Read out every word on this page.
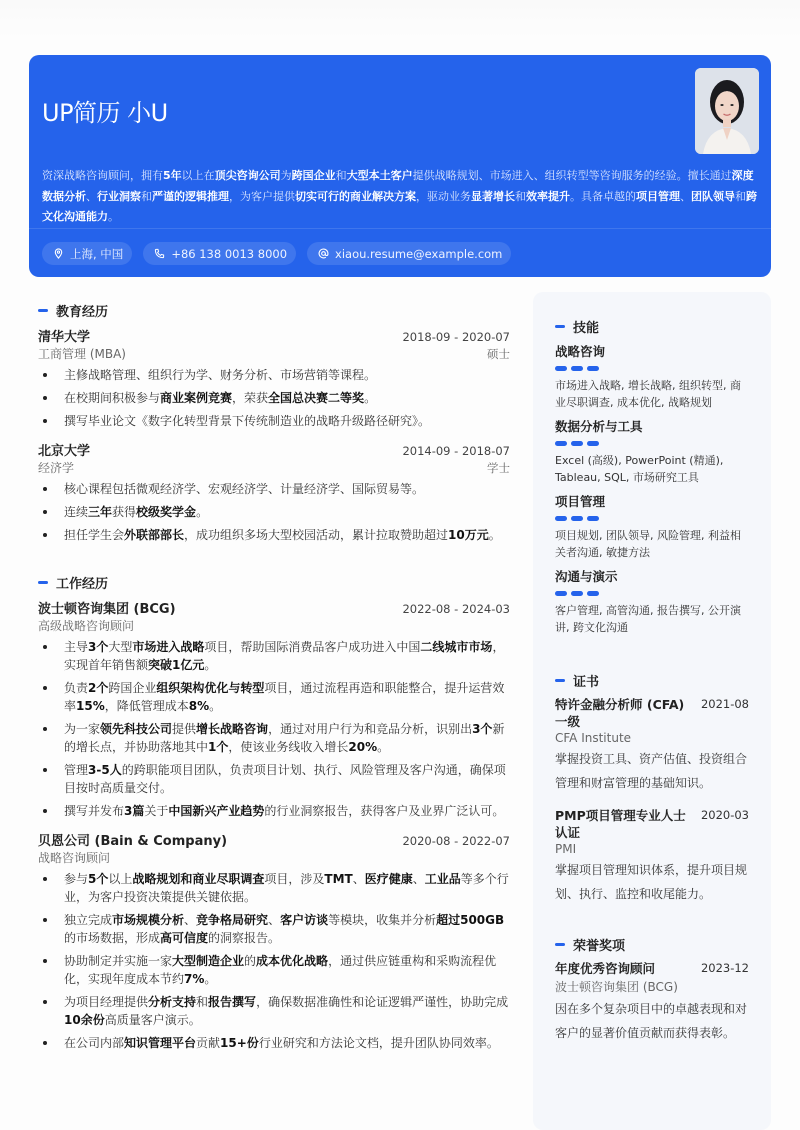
UP简历 小U
资深战略咨询顾问，拥有5年以上在顶尖咨询公司为跨国企业和大型本土客户提供战略规划、市场进入、组织转型等咨询服务的经验。擅长通过深度数据分析、行业洞察和严谨的逻辑推理，为客户提供切实可行的商业解决方案，驱动业务显著增长和效率提升。具备卓越的项目管理、团队领导和跨文化沟通能力。
上海, 中国	+86 138 0013 8000	xiaou.resume@example.com
教育经历
清华大学	2018-09 - 2020-07
工商管理 (MBA)	硕士
主修战略管理、组织行为学、财务分析、市场营销等课程。
在校期间积极参与商业案例竞赛，荣获全国总决赛二等奖。
撰写毕业论文《数字化转型背景下传统制造业的战略升级路径研究》。
北京大学	2014-09 - 2018-07
经济学	学士
核心课程包括微观经济学、宏观经济学、计量经济学、国际贸易等。
连续三年获得校级奖学金。
担任学生会外联部部长，成功组织多场大型校园活动，累计拉取赞助超过10万元。
工作经历
波士顿咨询集团 (BCG)	2022-08 - 2024-03
高级战略咨询顾问
主导3个大型市场进入战略项目，帮助国际消费品客户成功进入中国二线城市市场，实现首年销售额突破1亿元。
负责2个跨国企业组织架构优化与转型项目，通过流程再造和职能整合，提升运营效率15%，降低管理成本8%。
为一家领先科技公司提供增长战略咨询，通过对用户行为和竞品分析，识别出3个新的增长点，并协助落地其中1个，使该业务线收入增长20%。
管理3-5人的跨职能项目团队，负责项目计划、执行、风险管理及客户沟通，确保项目按时高质量交付。
撰写并发布3篇关于中国新兴产业趋势的行业洞察报告，获得客户及业界广泛认可。
贝恩公司 (Bain & Company)	2020-08 - 2022-07
战略咨询顾问
参与5个以上战略规划和商业尽职调查项目，涉及TMT、医疗健康、工业品等多个行业，为客户投资决策提供关键依据。
独立完成市场规模分析、竞争格局研究、客户访谈等模块，收集并分析超过500GB的市场数据，形成高可信度的洞察报告。
协助制定并实施一家大型制造企业的成本优化战略，通过供应链重构和采购流程优化，实现年度成本节约7%。
为项目经理提供分析支持和报告撰写，确保数据准确性和论证逻辑严谨性，协助完成10余份高质量客户演示。
在公司内部知识管理平台贡献15+份行业研究和方法论文档，提升团队协同效率。
技能
战略咨询
市场进入战略, 增长战略, 组织转型, 商业尽职调查, 成本优化, 战略规划
数据分析与工具
Excel (高级), PowerPoint (精通), Tableau, SQL, 市场研究工具
项目管理
项目规划, 团队领导, 风险管理, 利益相关者沟通, 敏捷方法
沟通与演示
客户管理, 高管沟通, 报告撰写, 公开演讲, 跨文化沟通
证书
特许金融分析师 (CFA) 一级
2021-08
CFA Institute
掌握投资工具、资产估值、投资组合管理和财富管理的基础知识。
PMP项目管理专业人士认证
2020-03
PMI
掌握项目管理知识体系，提升项目规划、执行、监控和收尾能力。
荣誉奖项
年度优秀咨询顾问	2023-12
波士顿咨询集团 (BCG)
因在多个复杂项目中的卓越表现和对客户的显著价值贡献而获得表彰。
